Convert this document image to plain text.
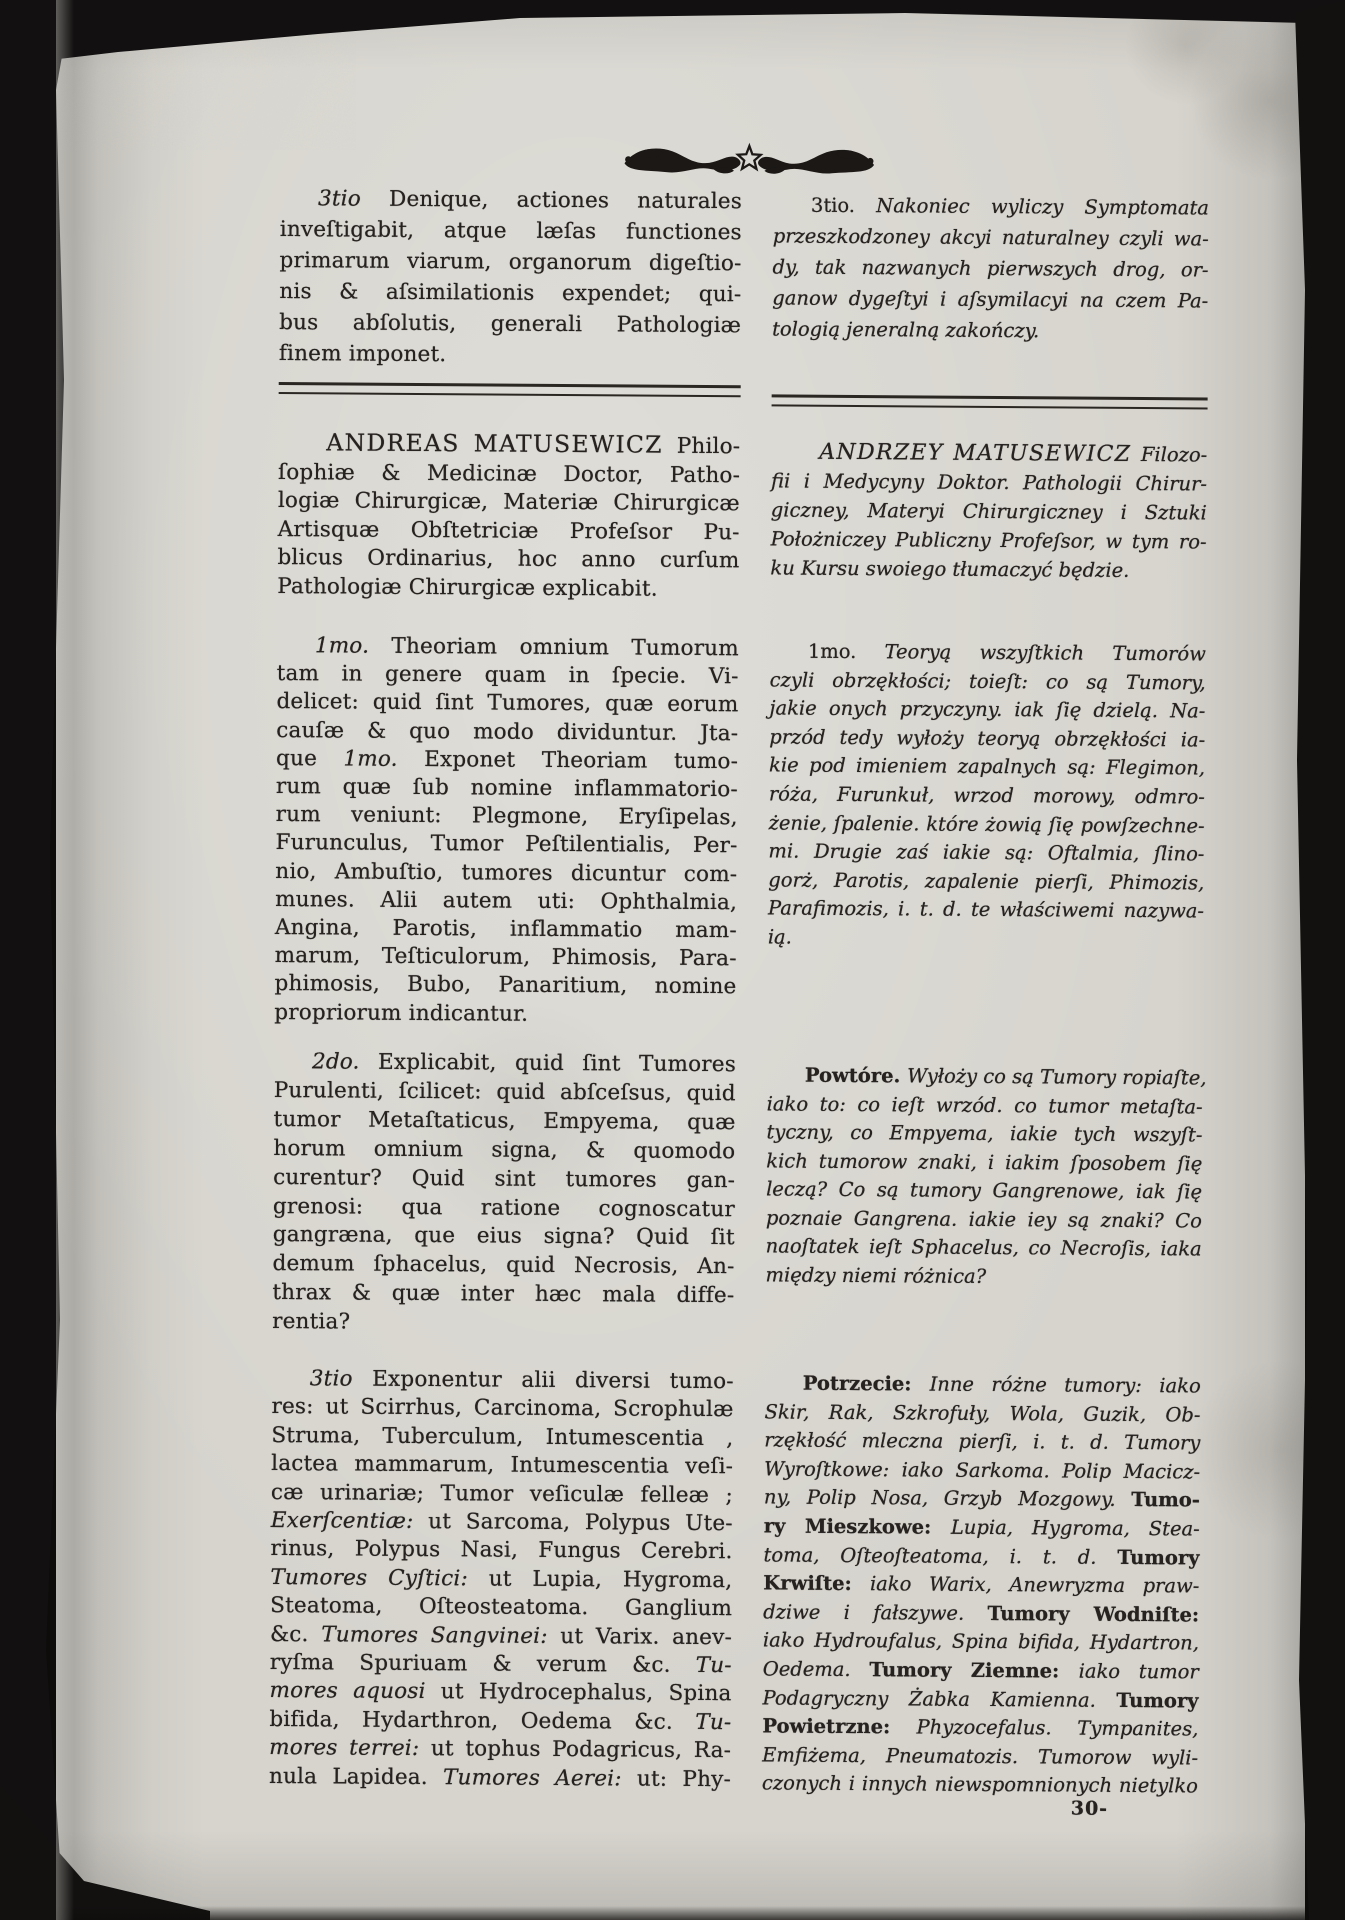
30-
3tio Denique, actiones naturales
inveſtigabit, atque læſas functiones
primarum viarum, organorum digeſtio-
nis & aſsimilationis expendet; qui-
bus abſolutis, generali Pathologiæ
finem imponet.
3tio. Nakoniec wyliczy Symptomata
przeszkodzoney akcyi naturalney czyli wa-
dy, tak nazwanych pierwszych drog, or-
ganow dygeſtyi i aſsymilacyi na czem Pa-
tologią jeneralną zakończy.
ANDREAS MATUSEWICZ Philo-
ſophiæ & Medicinæ Doctor, Patho-
logiæ Chirurgicæ, Materiæ Chirurgicæ
Artisquæ Obſtetriciæ Profeſsor Pu-
blicus Ordinarius, hoc anno curſum
Pathologiæ Chirurgicæ explicabit.
ANDRZEY MATUSEWICZ Filozo-
fii i Medycyny Doktor. Pathologii Chirur-
giczney, Materyi Chirurgiczney i Sztuki
Położniczey Publiczny Profeſsor, w tym ro-
ku Kursu swoiego tłumaczyć będzie.
1mo. Theoriam omnium Tumorum
tam in genere quam in ſpecie. Vi-
delicet: quid ſint Tumores, quæ eorum
cauſæ & quo modo dividuntur. Jta-
que 1mo. Exponet Theoriam tumo-
rum quæ ſub nomine inflammatorio-
rum veniunt: Plegmone, Eryſipelas,
Furunculus, Tumor Peſtilentialis, Per-
nio, Ambuſtio, tumores dicuntur com-
munes. Alii autem uti: Ophthalmia,
Angina, Parotis, inflammatio mam-
marum, Teſticulorum, Phimosis, Para-
phimosis, Bubo, Panaritium, nomine
propriorum indicantur.
1mo. Teoryą wszyſtkich Tumorów
czyli obrzękłości; toieſt: co są Tumory,
jakie onych przyczyny. iak ſię dzielą. Na-
przód tedy wyłoży teoryą obrzękłości ia-
kie pod imieniem zapalnych są: Flegimon,
róża, Furunkuł, wrzod morowy, odmro-
żenie, ſpalenie. które żowią ſię powſzechne-
mi. Drugie zaś iakie są: Oftalmia, ſlino-
gorż, Parotis, zapalenie pierſi, Phimozis,
Parafimozis, i. t. d. te właściwemi nazywa-
ią.
2do. Explicabit, quid ſint Tumores
Purulenti, ſcilicet: quid abſceſsus, quid
tumor Metaſtaticus, Empyema, quæ
horum omnium signa, & quomodo
curentur? Quid sint tumores gan-
grenosi: qua ratione cognoscatur
gangræna, que eius signa? Quid ſit
demum ſphacelus, quid Necrosis, An-
thrax & quæ inter hæc mala diffe-
rentia?
Powtóre. Wyłoży co są Tumory ropiaſte,
iako to: co ieſt wrzód. co tumor metaſta-
tyczny, co Empyema, iakie tych wszyſt-
kich tumorow znaki, i iakim ſposobem ſię
leczą? Co są tumory Gangrenowe, iak ſię
poznaie Gangrena. iakie iey są znaki? Co
naoſtatek ieſt Sphacelus, co Necroſis, iaka
między niemi różnica?
3tio Exponentur alii diversi tumo-
res: ut Scirrhus, Carcinoma, Scrophulæ
Struma, Tuberculum, Intumescentia ,
lactea mammarum, Intumescentia veſi-
cæ urinariæ; Tumor veſiculæ felleæ ;
Exerſcentiæ: ut Sarcoma, Polypus Ute-
rinus, Polypus Nasi, Fungus Cerebri.
Tumores Cyſtici: ut Lupia, Hygroma,
Steatoma, Oſteosteatoma. Ganglium
&c. Tumores Sangvinei: ut Varix. anev-
ryſma Spuriuam & verum &c. Tu-
mores aquosi ut Hydrocephalus, Spina
bifida, Hydarthron, Oedema &c. Tu-
mores terrei: ut tophus Podagricus, Ra-
nula Lapidea. Tumores Aerei: ut: Phy-
Potrzecie: Inne różne tumory: iako
Skir, Rak, Szkrofuły, Wola, Guzik, Ob-
rzękłość mleczna pierſi, i. t. d. Tumory
Wyroſtkowe: iako Sarkoma. Polip Macicz-
ny, Polip Nosa, Grzyb Mozgowy. Tumo-
ry Mieszkowe: Lupia, Hygroma, Stea-
toma, Oſteoſteatoma, i. t. d. Tumory
Krwiſte: iako Warix, Anewryzma praw-
dziwe i fałszywe. Tumory Wodniſte:
iako Hydroufalus, Spina bifida, Hydartron,
Oedema. Tumory Ziemne: iako tumor
Podagryczny Żabka Kamienna. Tumory
Powietrzne: Phyzocefalus. Tympanites,
Emfiżema, Pneumatozis. Tumorow wyli-
czonych i innych niewspomnionych nietylko
